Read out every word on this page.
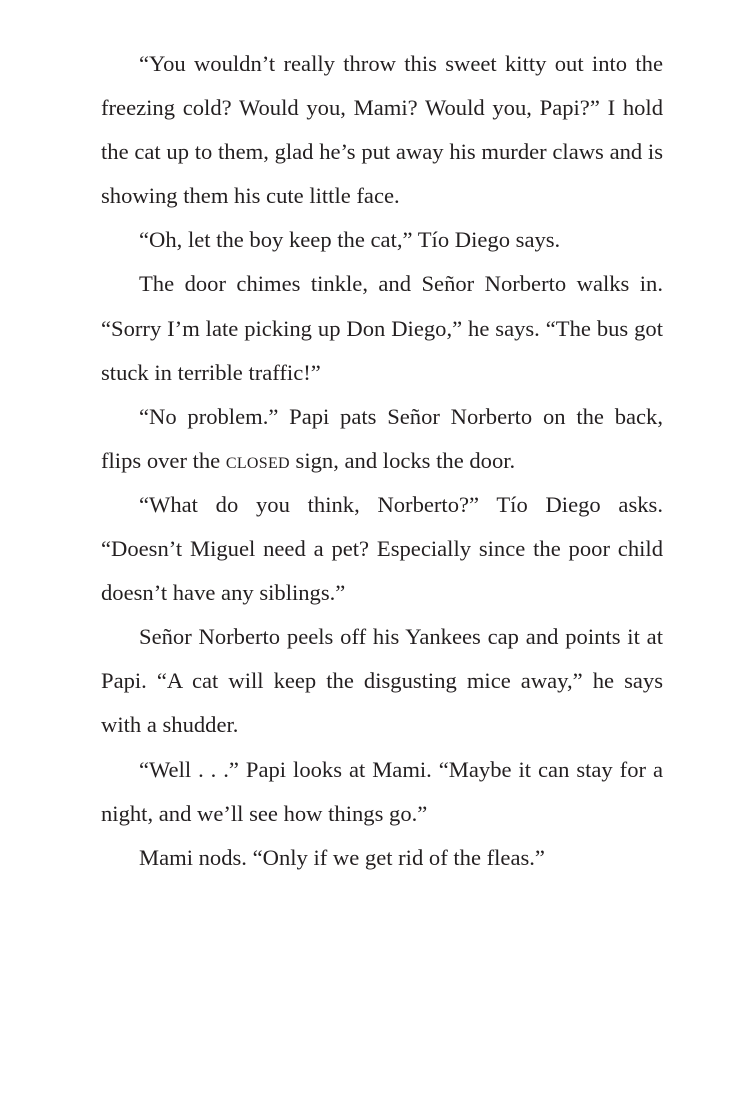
“You wouldn’t really throw this sweet kitty out into the freezing cold? Would you, Mami? Would you, Papi?” I hold the cat up to them, glad he’s put away his murder claws and is showing them his cute little face.

“Oh, let the boy keep the cat,” Tío Diego says.

The door chimes tinkle, and Señor Norberto walks in. “Sorry I’m late picking up Don Diego,” he says. “The bus got stuck in terrible traffic!”

“No problem.” Papi pats Señor Norberto on the back, flips over the closed sign, and locks the door.

“What do you think, Norberto?” Tío Diego asks. “Doesn’t Miguel need a pet? Especially since the poor child doesn’t have any siblings.”

Señor Norberto peels off his Yankees cap and points it at Papi. “A cat will keep the disgusting mice away,” he says with a shudder.

“Well . . .” Papi looks at Mami. “Maybe it can stay for a night, and we’ll see how things go.”

Mami nods. “Only if we get rid of the fleas.”
